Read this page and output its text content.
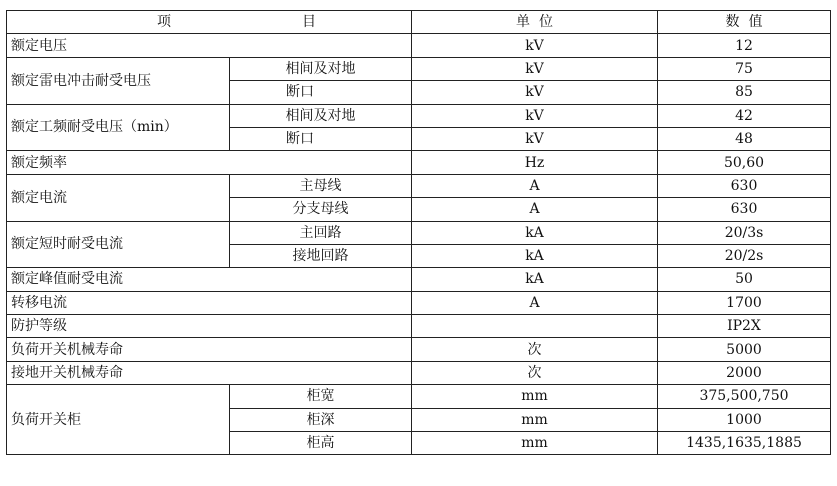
项 目		单  位	数  值
额定电压		kV	12
额定雷电冲击耐受电压	相间及对地	kV	75
	断口	kV	85
额定工频耐受电压（min）	相间及对地	kV	42
	断口	kV	48
额定频率		Hz	50,60
额定电流	主母线	A	630
	分支母线	A	630
额定短时耐受电流	主回路	kA	20/3s
	接地回路	kA	20/2s
额定峰值耐受电流		kA	50
转移电流		A	1700
防护等级			IP2X
负荷开关机械寿命		次	5000
接地开关机械寿命		次	2000
负荷开关柜	柜宽	mm	375,500,750
	柜深	mm	1000
	柜高	mm	1435,1635,1885
